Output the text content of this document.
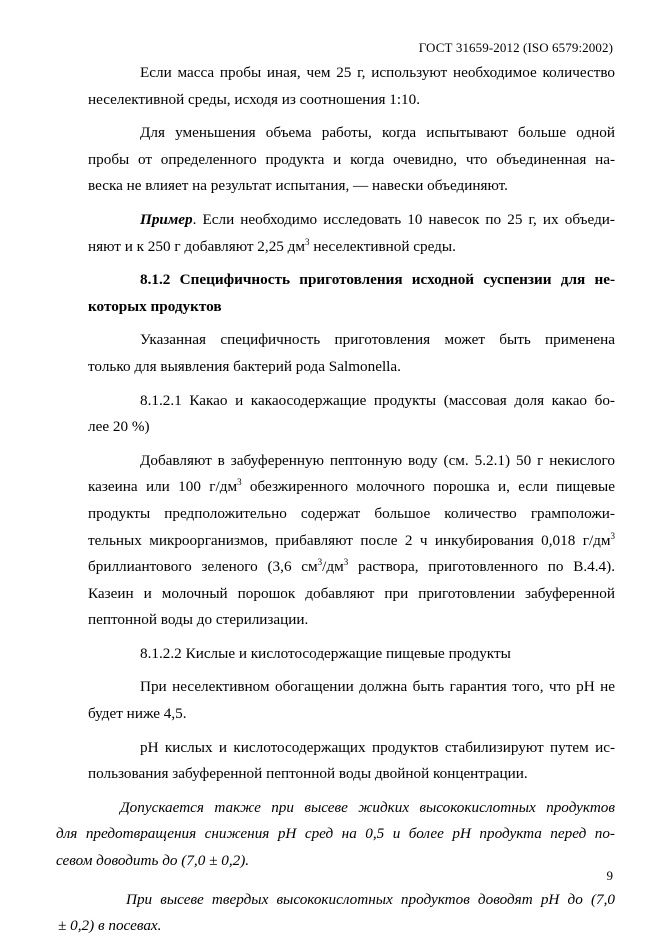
ГОСТ 31659-2012 (ISO 6579:2002)
Если масса пробы иная, чем 25 г, используют необходимое количество
неселективной среды, исходя из соотношения 1:10.
Для уменьшения объема работы, когда испытывают больше одной
пробы от определенного продукта и когда очевидно, что объединенная на-
веска не влияет на результат испытания, — навески объединяют.
Пример. Если необходимо исследовать 10 навесок по 25 г, их объеди-
няют и к 250 г добавляют 2,25 $дм^3$ неселективной среды.
8.1.2 Специфичность приготовления исходной суспензии для не-
которых продуктов
Указанная специфичность приготовления может быть применена
только для выявления бактерий рода Salmonella.
8.1.2.1 Какао и какаосодержащие продукты (массовая доля какао бо-
лее 20 %)
Добавляют в забуференную пептонную воду (см. 5.2.1) 50 г некислого
казеина или 100 $г/дм^3$ обезжиренного молочного порошка и, если пищевые
продукты предположительно содержат большое количество грамположи-
тельных микроорганизмов, прибавляют после 2 ч инкубирования 0,018 $г/дм^3$
бриллиантового зеленого (3,6 $см^3/дм^3$ раствора, приготовленного по В.4.4).
Казеин и молочный порошок добавляют при приготовлении забуференной
пептонной воды до стерилизации.
8.1.2.2 Кислые и кислотосодержащие пищевые продукты
При неселективном обогащении должна быть гарантия того, что рН не
будет ниже 4,5.
рН кислых и кислотосодержащих продуктов стабилизируют путем ис-
пользования забуференной пептонной воды двойной концентрации.
Допускается также при высеве жидких высококислотных продуктов
для предотвращения снижения рН сред на 0,5 и более рН продукта перед по-
севом доводить до (7,0 ± 0,2).
При высеве твердых высококислотных продуктов доводят рН до (7,0
± 0,2) в посевах.
9
